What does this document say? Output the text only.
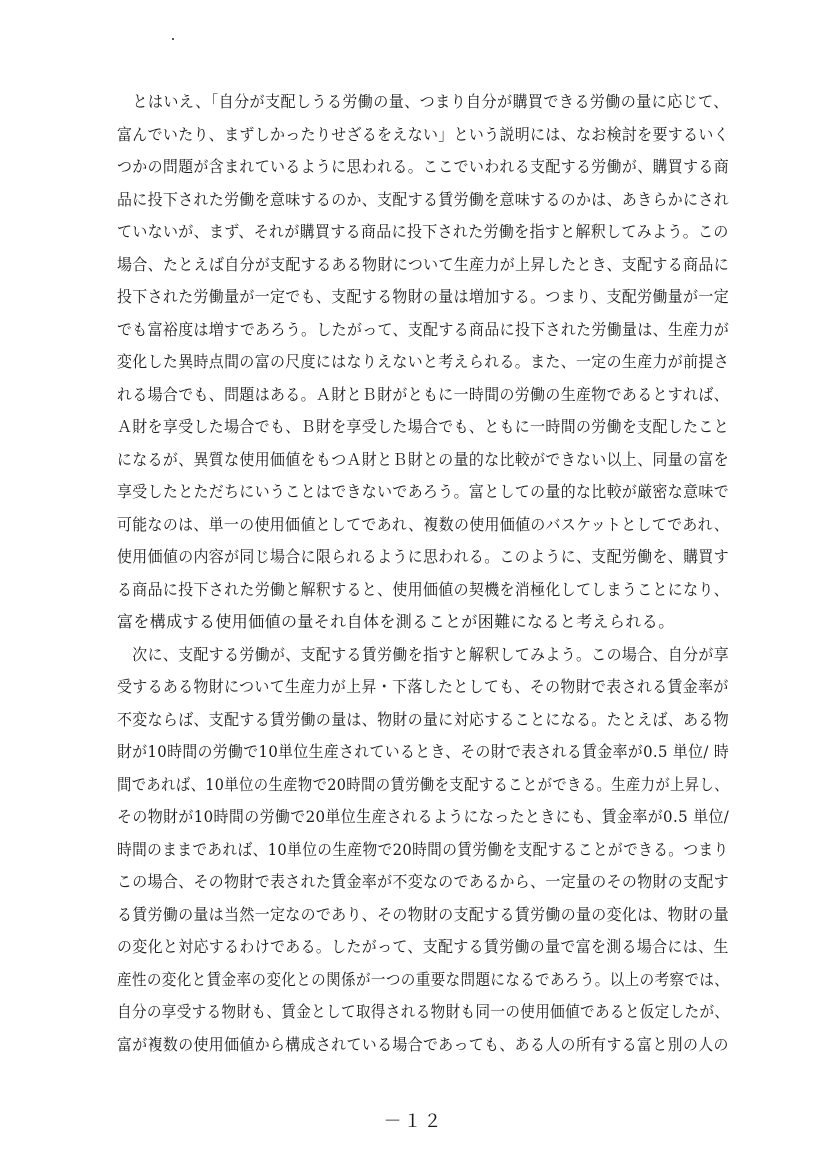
　とはいえ、「自分が支配しうる労働の量、つまり自分が購買できる労働の量に応じて、
富んでいたり、まずしかったりせざるをえない」という説明には、なお検討を要するいく
つかの問題が含まれているように思われる。ここでいわれる支配する労働が、購買する商
品に投下された労働を意味するのか、支配する賃労働を意味するのかは、あきらかにされ
ていないが、まず、それが購買する商品に投下された労働を指すと解釈してみよう。この
場合、たとえば自分が支配するある物財について生産力が上昇したとき、支配する商品に
投下された労働量が一定でも、支配する物財の量は増加する。つまり、支配労働量が一定
でも富裕度は増すであろう。したがって、支配する商品に投下された労働量は、生産力が
変化した異時点間の富の尺度にはなりえないと考えられる。また、一定の生産力が前提さ
れる場合でも、問題はある。Ａ財とＢ財がともに一時間の労働の生産物であるとすれば、
Ａ財を享受した場合でも、Ｂ財を享受した場合でも、ともに一時間の労働を支配したこと
になるが、異質な使用価値をもつＡ財とＢ財との量的な比較ができない以上、同量の富を
享受したとただちにいうことはできないであろう。富としての量的な比較が厳密な意味で
可能なのは、単一の使用価値としてであれ、複数の使用価値のバスケットとしてであれ、
使用価値の内容が同じ場合に限られるように思われる。このように、支配労働を、購買す
る商品に投下された労働と解釈すると、使用価値の契機を消極化してしまうことになり、
富を構成する使用価値の量それ自体を測ることが困難になると考えられる。
　次に、支配する労働が、支配する賃労働を指すと解釈してみよう。この場合、自分が享
受するある物財について生産力が上昇・下落したとしても、その物財で表される賃金率が
不変ならば、支配する賃労働の量は、物財の量に対応することになる。たとえば、ある物
財が10時間の労働で10単位生産されているとき、その財で表される賃金率が0.5 単位/ 時
間であれば、10単位の生産物で20時間の賃労働を支配することができる。生産力が上昇し、
その物財が10時間の労働で20単位生産されるようになったときにも、賃金率が0.5 単位/
時間のままであれば、10単位の生産物で20時間の賃労働を支配することができる。つまり
この場合、その物財で表された賃金率が不変なのであるから、一定量のその物財の支配す
る賃労働の量は当然一定なのであり、その物財の支配する賃労働の量の変化は、物財の量
の変化と対応するわけである。したがって、支配する賃労働の量で富を測る場合には、生
産性の変化と賃金率の変化との関係が一つの重要な問題になるであろう。以上の考察では、
自分の享受する物財も、賃金として取得される物財も同一の使用価値であると仮定したが、
富が複数の使用価値から構成されている場合であっても、ある人の所有する富と別の人の
－１２
